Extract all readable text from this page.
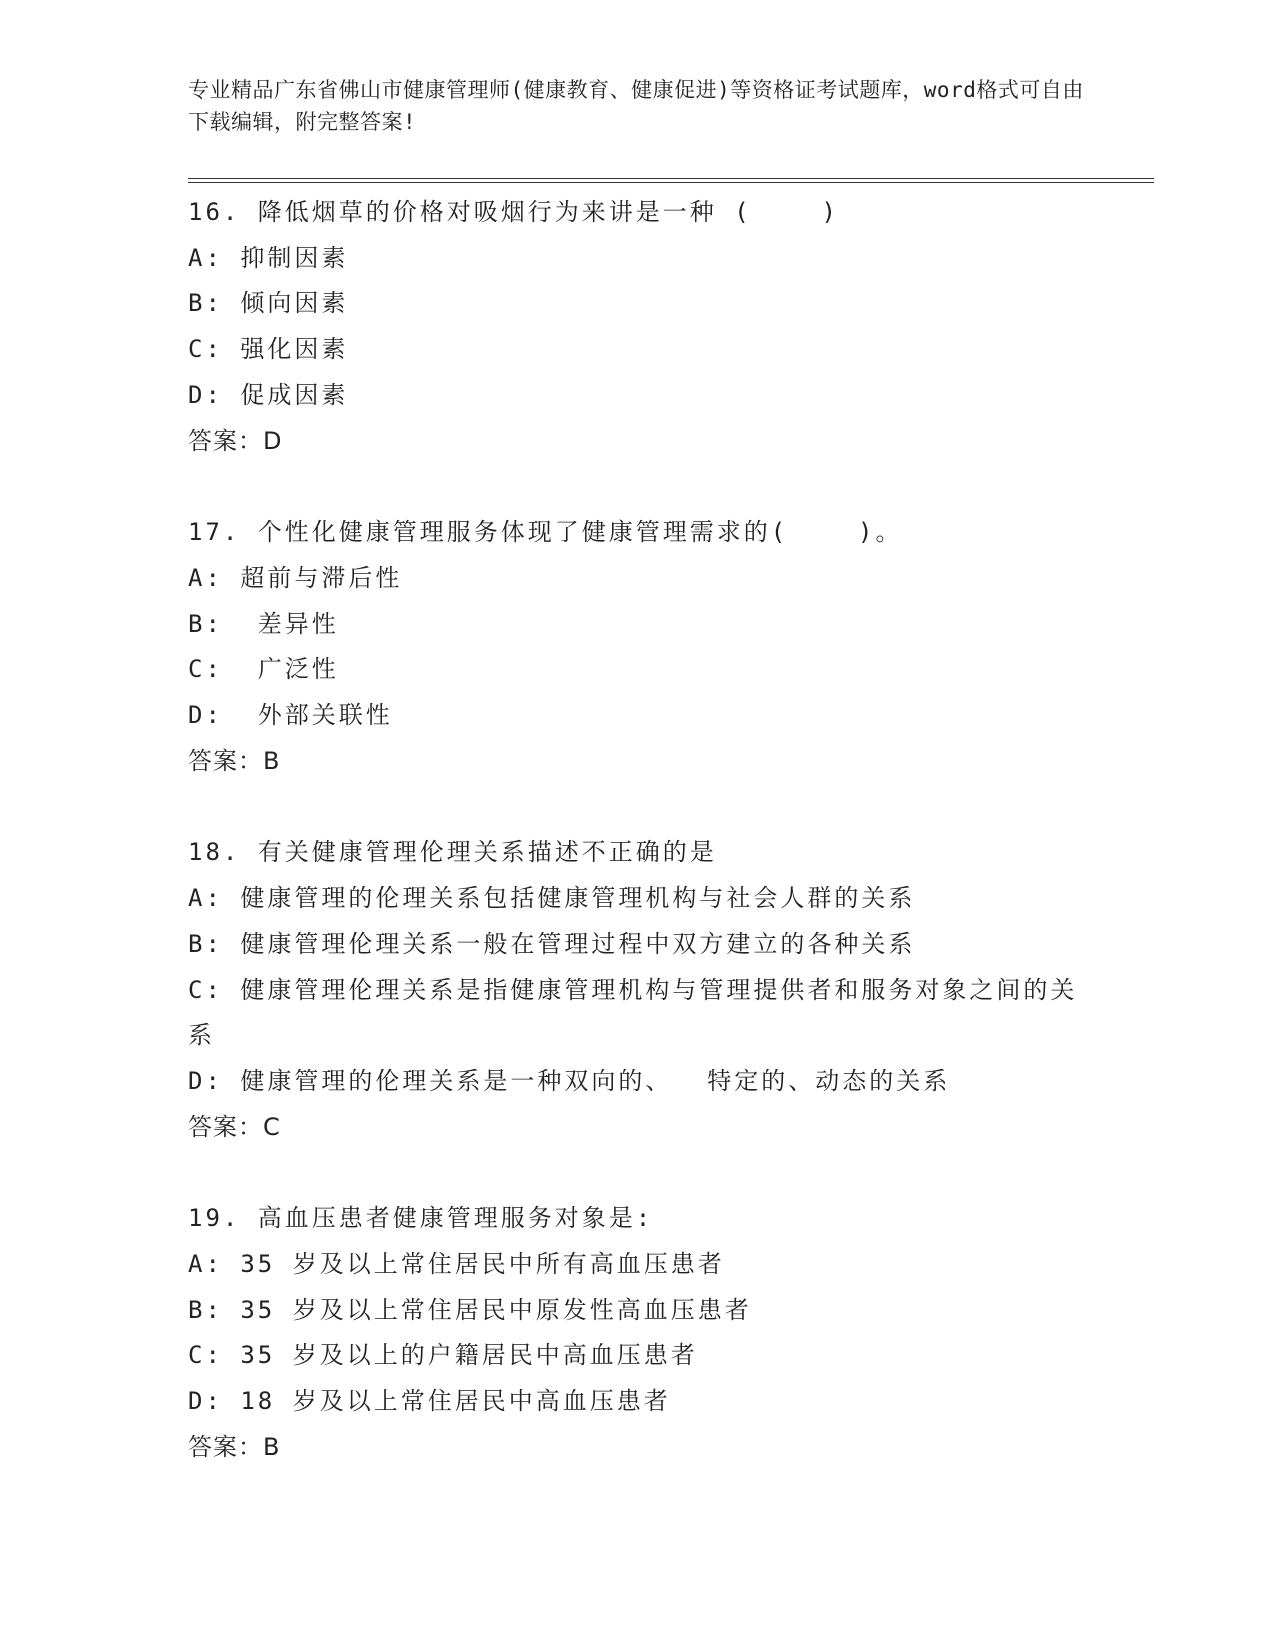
专业精品广东省佛山市健康管理师(健康教育、健康促进)等资格证考试题库，word格式可自由下载编辑，附完整答案!
16. 降低烟草的价格对吸烟行为来讲是一种 (    )
A: 抑制因素
B: 倾向因素
C: 强化因素
D: 促成因素
答案：D
17. 个性化健康管理服务体现了健康管理需求的(    )。
A: 超前与滞后性
B:  差异性
C:  广泛性
D:  外部关联性
答案：B
18. 有关健康管理伦理关系描述不正确的是
A: 健康管理的伦理关系包括健康管理机构与社会人群的关系
B: 健康管理伦理关系一般在管理过程中双方建立的各种关系
C: 健康管理伦理关系是指健康管理机构与管理提供者和服务对象之间的关系
D: 健康管理的伦理关系是一种双向的、  特定的、动态的关系
答案：C
19. 高血压患者健康管理服务对象是:
A: 35 岁及以上常住居民中所有高血压患者
B: 35 岁及以上常住居民中原发性高血压患者
C: 35 岁及以上的户籍居民中高血压患者
D: 18 岁及以上常住居民中高血压患者
答案：B
